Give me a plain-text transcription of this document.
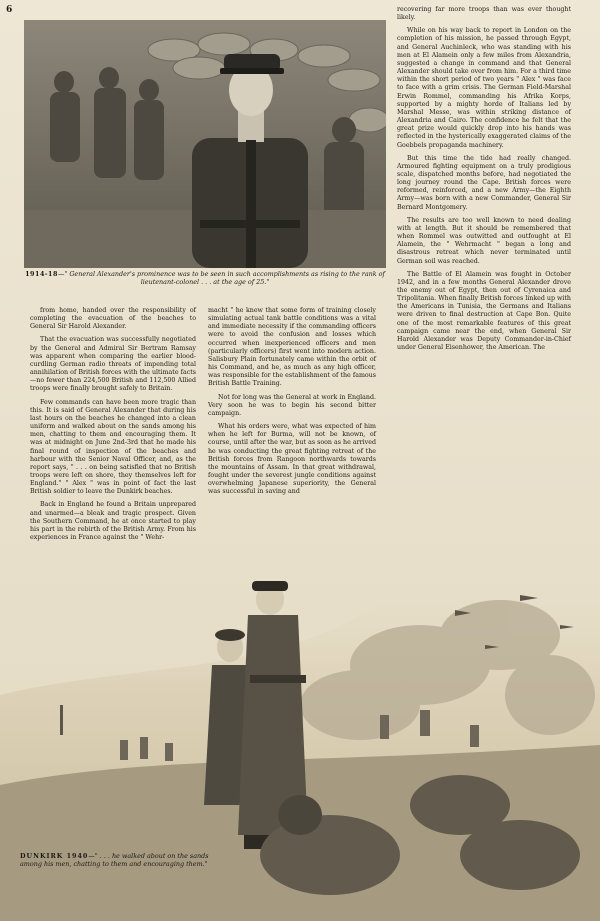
6
1914-18—" General Alexander's prominence was to be seen in such accomplishments as rising to the rank of lieutenant-colonel . . . at the age of 25."

from home, handed over the responsibility of completing the evacuation of the beaches to General Sir Harold Alexander.

That the evacuation was successfully negotiated by the General and Admiral Sir Bertram Ramsay was apparent when comparing the earlier blood-curdling German radio threats of impending total annihilation of British forces with the ultimate facts—no fewer than 224,500 British and 112,500 Allied troops were finally brought safely to Britain.

Few commands can have been more tragic than this. It is said of General Alexander that during his last hours on the beaches he changed into a clean uniform and walked about on the sands among his men, chatting to them and encouraging them. It was at midnight on June 2nd-3rd that he made his final round of inspection of the beaches and harbour with the Senior Naval Officer, and, as the report says, " . . . on being satisfied that no British troops were left on shore, they themselves left for England." " Alex " was in point of fact the last British soldier to leave the Dunkirk beaches.

Back in England he found a Britain unprepared and unarmed—a bleak and tragic prospect. Given the Southern Command, he at once started to play his part in the rebirth of the British Army. From his experiences in France against the " Wehr-

macht " he knew that some form of training closely simulating actual tank battle conditions was a vital and immediate necessity if the commanding officers were to avoid the confusion and losses which occurred when inexperienced officers and men (particularly officers) first went into modern action. Salisbury Plain fortunately came within the orbit of his Command, and he, as much as any high officer, was responsible for the establishment of the famous British Battle Training.

Not for long was the General at work in England. Very soon he was to begin his second bitter campaign.

What his orders were, what was expected of him when he left for Burma, will not be known, of course, until after the war, but as soon as he arrived he was conducting the great fighting retreat of the British forces from Rangoon northwards towards the mountains of Assam. In that great withdrawal, fought under the severest jungle conditions against overwhelming Japanese superiority, the General was successful in saving and

recovering far more troops than was ever thought likely.

While on his way back to report in London on the completion of his mission, he passed through Egypt, and General Auchinleck, who was standing with his men at El Alamein only a few miles from Alexandria, suggested a change in command and that General Alexander should take over from him. For a third time within the short period of two years " Alex " was face to face with a grim crisis. The German Field-Marshal Erwin Rommel, commanding his Afrika Korps, supported by a mighty horde of Italians led by Marshal Messe, was within striking distance of Alexandria and Cairo. The confidence he felt that the great prize would quickly drop into his hands was reflected in the hysterically exaggerated claims of the Goebbels propaganda machinery.

But this time the tide had really changed. Armoured fighting equipment on a truly prodigious scale, dispatched months before, had negotiated the long journey round the Cape. British forces were reformed, reinforced, and a new Army—the Eighth Army—was born with a new Commander, General Sir Bernard Montgomery.

The results are too well known to need dealing with at length. But it should be remembered that when Rommel was outwitted and outfought at El Alamein, the " Wehrmacht " began a long and disastrous retreat which never terminated until German soil was reached.

The Battle of El Alamein was fought in October 1942, and in a few months General Alexander drove the enemy out of Egypt, then out of Cyrenaica and Tripolitania. When finally British forces linked up with the Americans in Tunisia, the Germans and Italians were driven to final destruction at Cape Bon. Quite one of the most remarkable features of this great campaign came near the end, when General Sir Harold Alexander was Deputy Commander-in-Chief under General Eisenhower, the American. The

DUNKIRK 1940—" . . . he walked about on the sands among his men, chatting to them and encouraging them."
